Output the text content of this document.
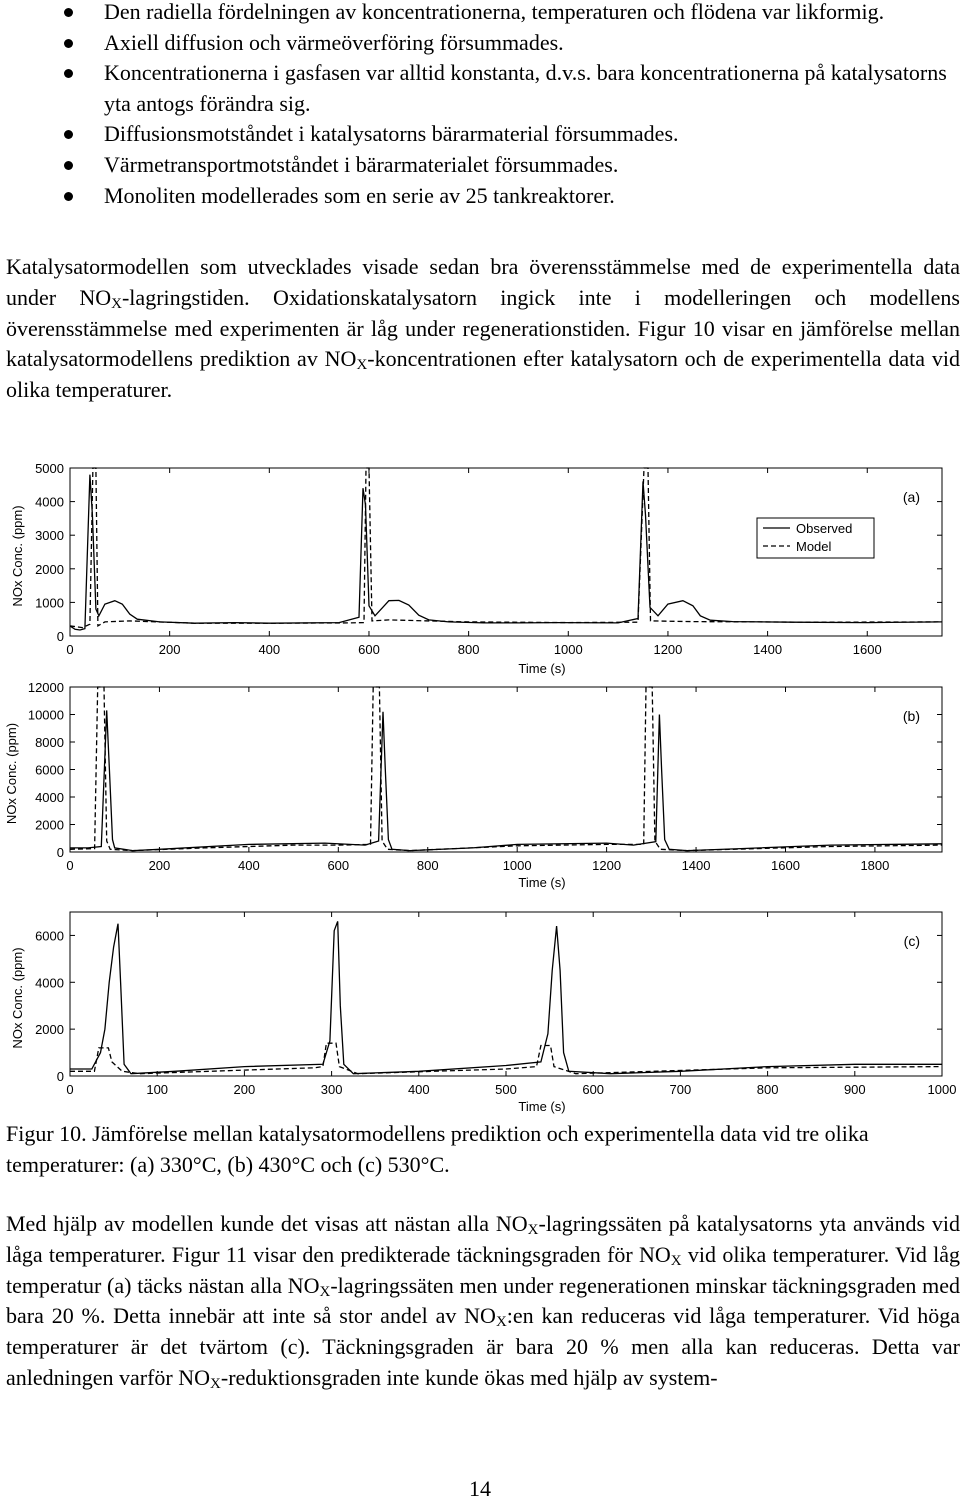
Den radiella fördelningen av koncentrationerna, temperaturen och flödena var likformig.
Axiell diffusion och värmeöverföring försummades.
Koncentrationerna i gasfasen var alltid konstanta, d.v.s. bara koncentrationerna på katalysatorns yta antogs förändra sig.
Diffusionsmotståndet i katalysatorns bärarmaterial försummades.
Värmetransportmotståndet i bärarmaterialet försummades.
Monoliten modellerades som en serie av 25 tankreaktorer.
Katalysatormodellen som utvecklades visade sedan bra överensstämmelse med de experimentella data under $NO_X$-lagringstiden. Oxidationskatalysatorn ingick inte i modelleringen och modellens överensstämmelse med experimenten är låg under regenerationstiden. Figur 10 visar en jämförelse mellan katalysatormodellens prediktion av $NO_X$-koncentrationen efter katalysatorn och de experimentella data vid olika temperaturer.
0	200	400	600	800	1000	1200	1400	1600
0
1000
2000
3000
4000
5000
Time (s)
NOx Conc. (ppm)
(a)
Observed
Model
0	200	400	600	800	1000	1200	1400	1600	1800
0
2000
4000
6000
8000
10000
12000
Time (s)
NOx Conc. (ppm)
(b)
0	100	200	300	400	500	600	700	800	900	1000
0
2000
4000
6000
Time (s)
NOx Conc. (ppm)
(c)
Figur 10. Jämförelse mellan katalysatormodellens prediktion och experimentella data vid tre olika temperaturer: (a) 330°C, (b) 430°C och (c) 530°C.
Med hjälp av modellen kunde det visas att nästan alla $NO_X$-lagringssäten på katalysatorns yta används vid låga temperaturer. Figur 11 visar den predikterade täckningsgraden för $NO_X$ vid olika temperaturer. Vid låg temperatur (a) täcks nästan alla $NO_X$-lagringssäten men under regenerationen minskar täckningsgraden med bara 20 %. Detta innebär att inte så stor andel av $NO_X:en$ kan reduceras vid låga temperaturer. Vid höga temperaturer är det tvärtom (c). Täckningsgraden är bara 20 % men alla kan reduceras. Detta var anledningen varför $NO_X$-reduktionsgraden inte kunde ökas med hjälp av system-
14
